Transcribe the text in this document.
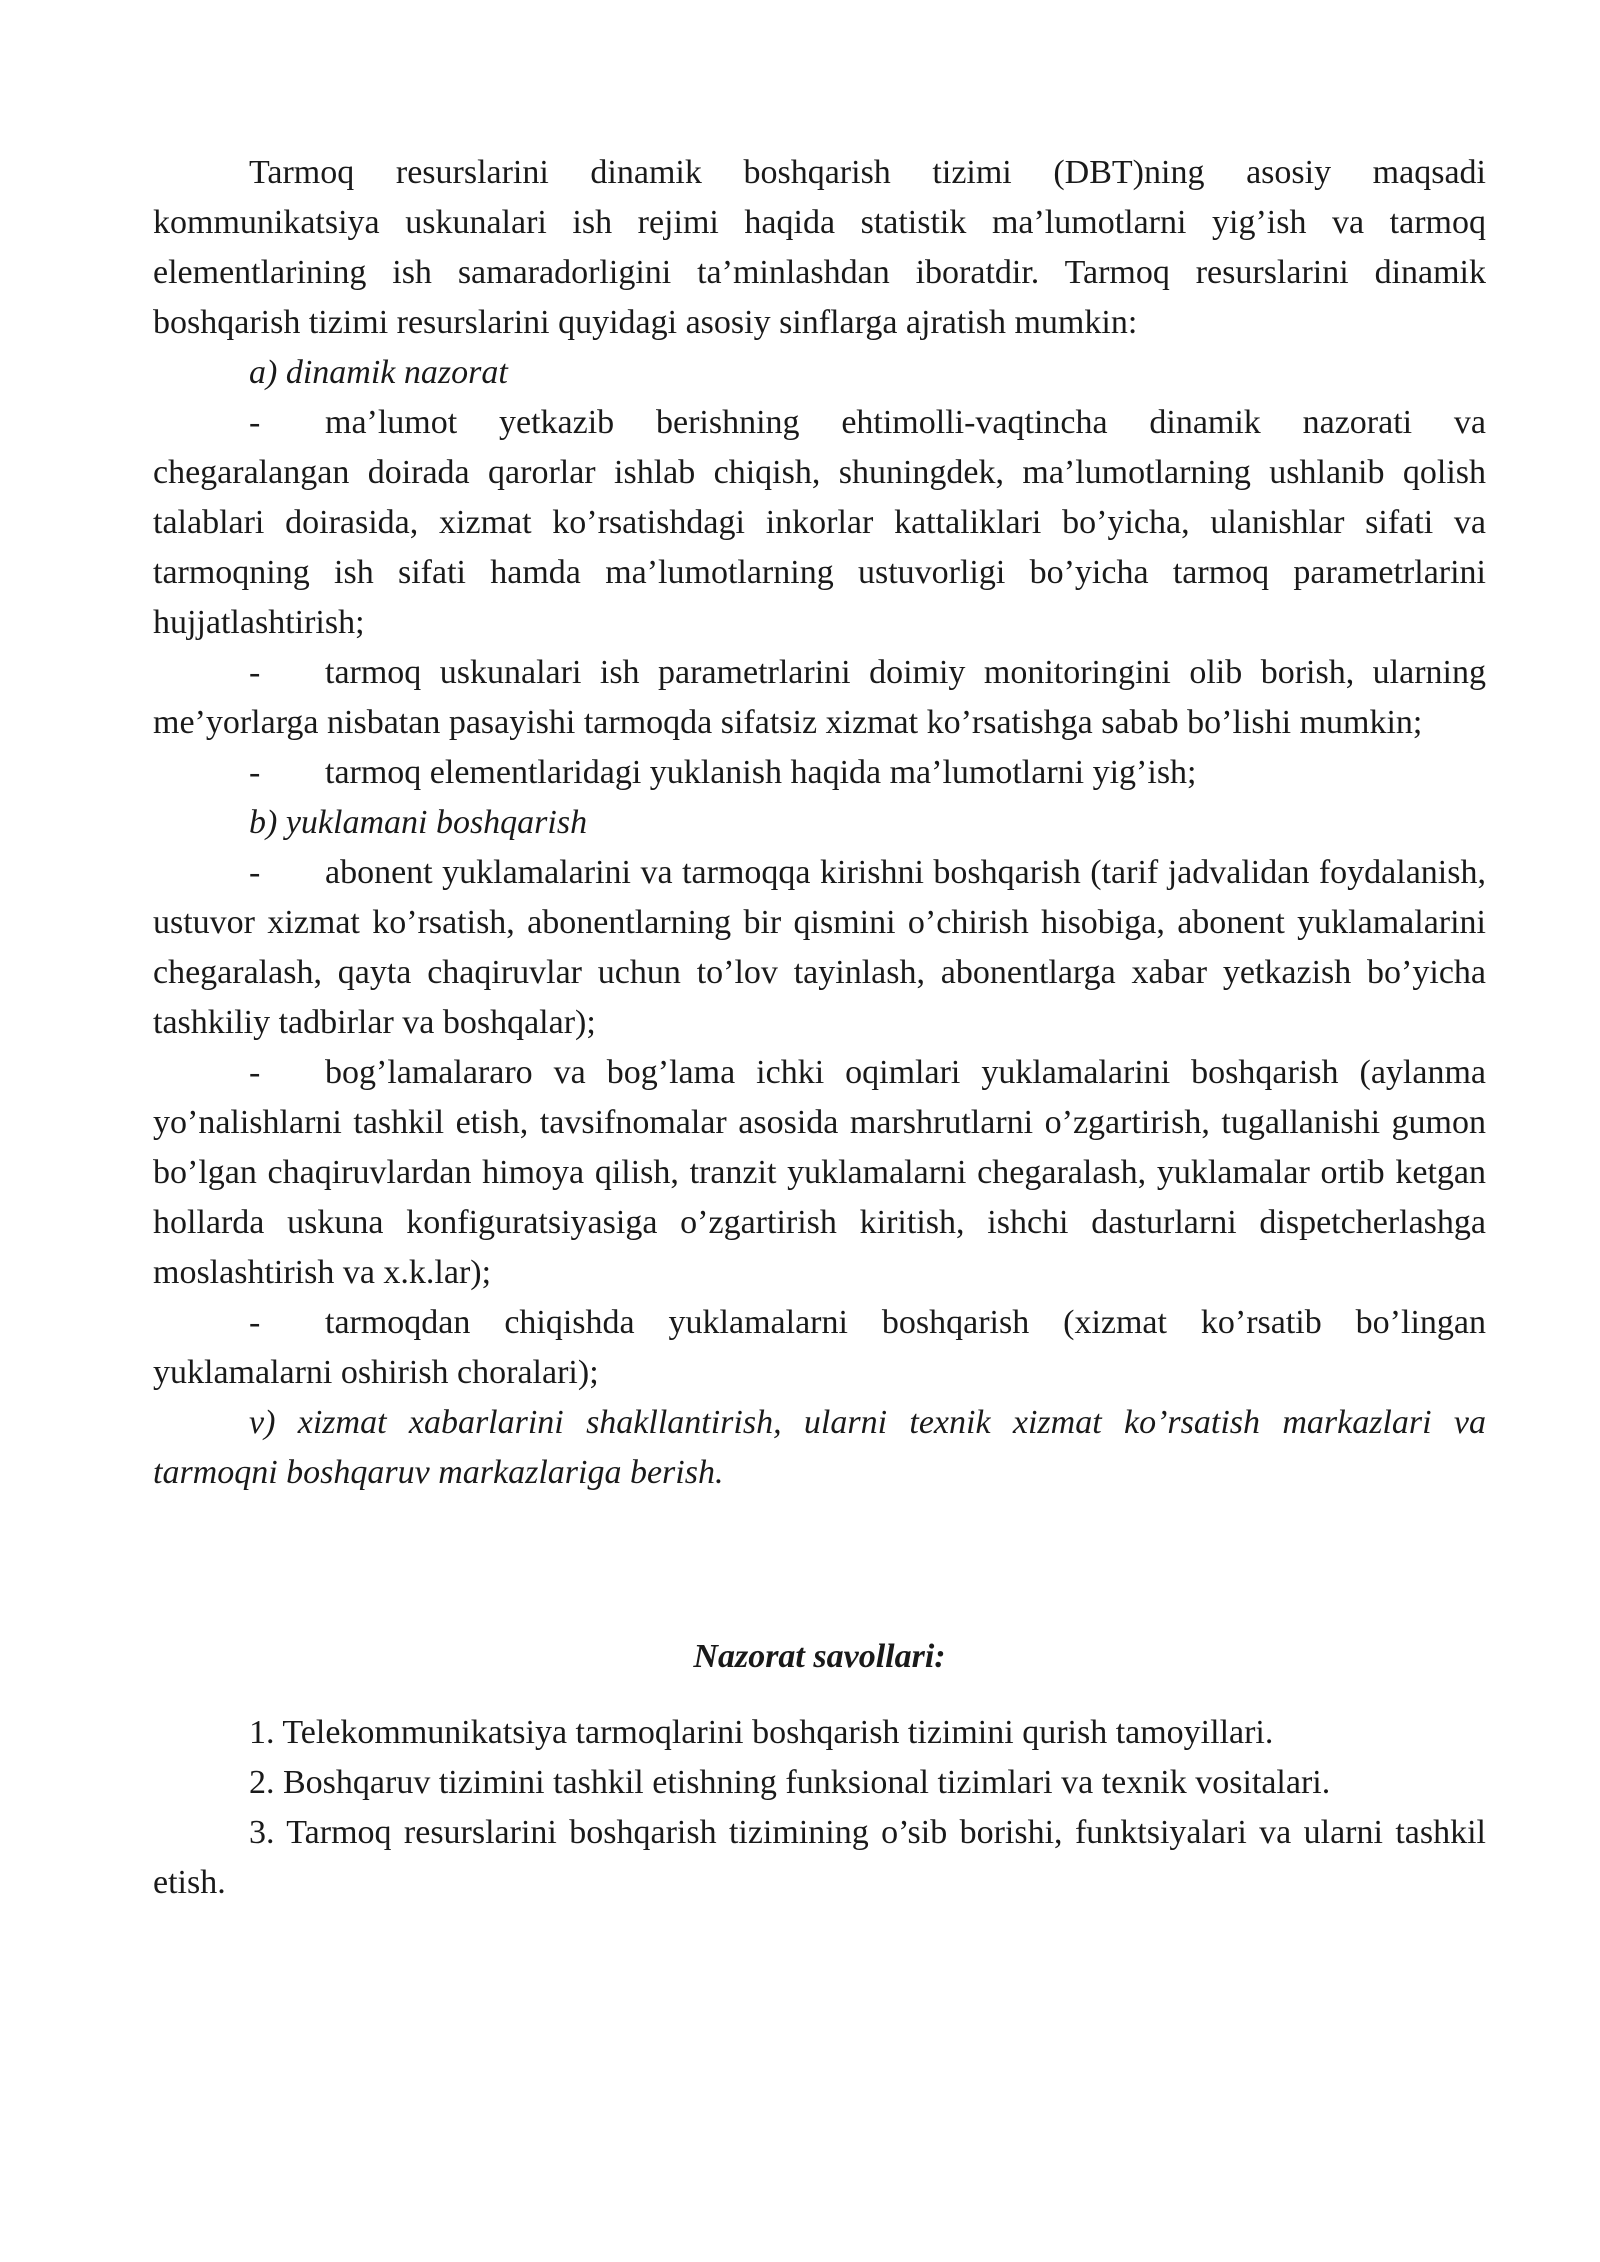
Tarmoq resurslarini dinamik boshqarish tizimi (DBT)ning asosiy maqsadi kommunikatsiya uskunalari ish rejimi haqida statistik ma’lumotlarni yig’ish va tarmoq elementlarining ish samaradorligini ta’minlashdan iboratdir. Tarmoq resurslarini dinamik boshqarish tizimi resurslarini quyidagi asosiy sinflarga ajratish mumkin:

a) dinamik nazorat

- ma’lumot yetkazib berishning ehtimolli-vaqtincha dinamik nazorati va chegaralangan doirada qarorlar ishlab chiqish, shuningdek, ma’lumotlarning ushlanib qolish talablari doirasida, xizmat ko’rsatishdagi inkorlar kattaliklari bo’yicha, ulanishlar sifati va tarmoqning ish sifati hamda ma’lumotlarning ustuvorligi bo’yicha tarmoq parametrlarini hujjatlashtirish;

- tarmoq uskunalari ish parametrlarini doimiy monitoringini olib borish, ularning me’yorlarga nisbatan pasayishi tarmoqda sifatsiz xizmat ko’rsatishga sabab bo’lishi mumkin;

- tarmoq elementlaridagi yuklanish haqida ma’lumotlarni yig’ish;

b) yuklamani boshqarish

- abonent yuklamalarini va tarmoqqa kirishni boshqarish (tarif jadvalidan foydalanish, ustuvor xizmat ko’rsatish, abonentlarning bir qismini o’chirish hisobiga, abonent yuklamalarini chegaralash, qayta chaqiruvlar uchun to’lov tayinlash, abonentlarga xabar yetkazish bo’yicha tashkiliy tadbirlar va boshqalar);

- bog’lamalararo va bog’lama ichki oqimlari yuklamalarini boshqarish (aylanma yo’nalishlarni tashkil etish, tavsifnomalar asosida marshrutlarni o’zgartirish, tugallanishi gumon bo’lgan chaqiruvlardan himoya qilish, tranzit yuklamalarni chegaralash, yuklamalar ortib ketgan hollarda uskuna konfiguratsiyasiga o’zgartirish kiritish, ishchi dasturlarni dispetcherlashga moslashtirish va x.k.lar);

- tarmoqdan chiqishda yuklamalarni boshqarish (xizmat ko’rsatib bo’lingan yuklamalarni oshirish choralari);

v) xizmat xabarlarini shakllantirish, ularni texnik xizmat ko’rsatish markazlari va tarmoqni boshqaruv markazlariga berish.

Nazorat savollari:

1. Telekommunikatsiya tarmoqlarini boshqarish tizimini qurish tamoyillari.

2. Boshqaruv tizimini tashkil etishning funksional tizimlari va texnik vositalari.

3. Tarmoq resurslarini boshqarish tizimining o’sib borishi, funktsiyalari va ularni tashkil etish.
